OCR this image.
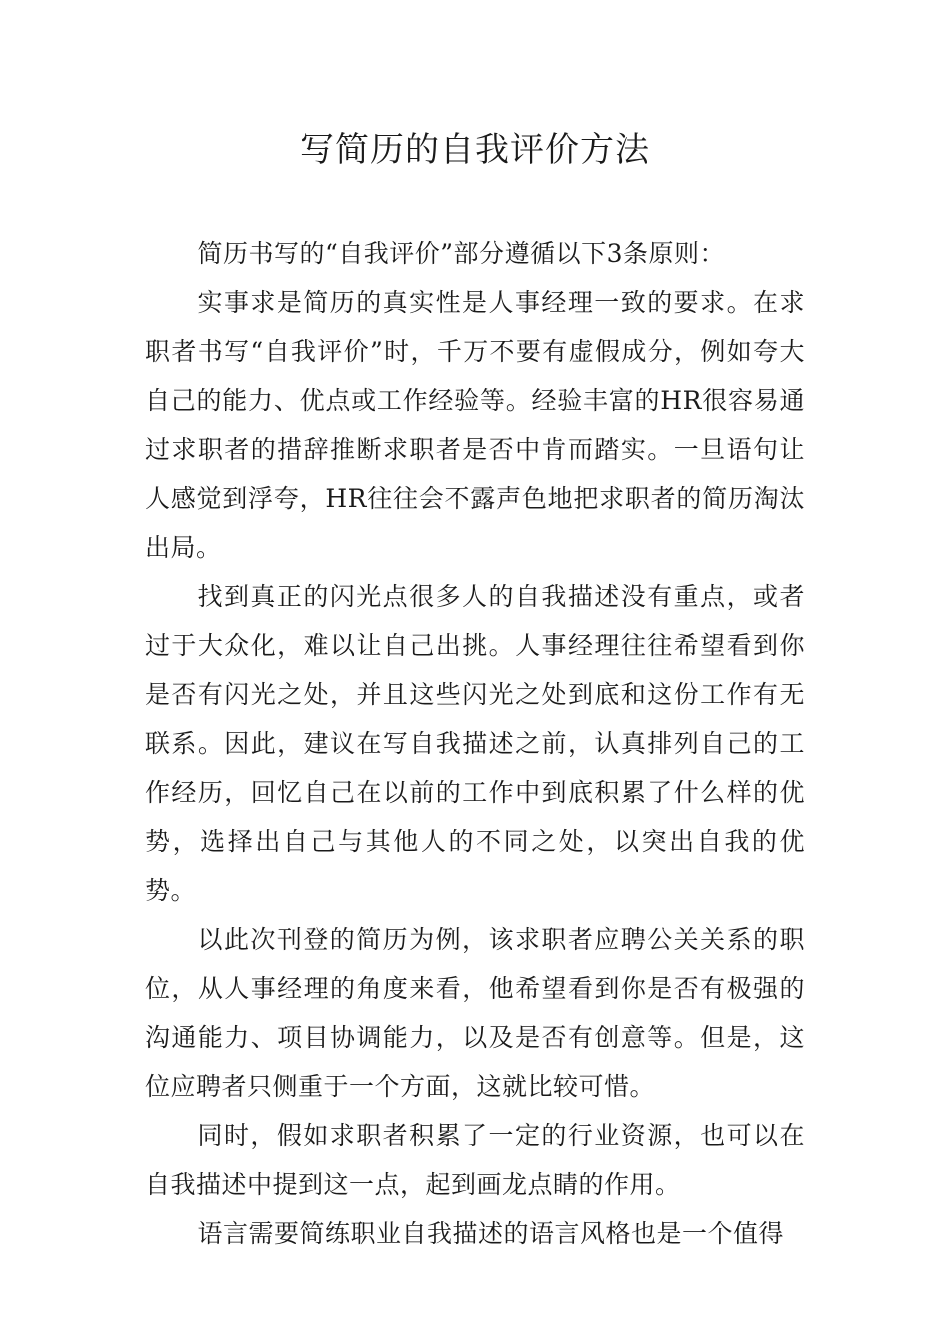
写简历的自我评价方法

简历书写的“自我评价”部分遵循以下3条原则：

实事求是简历的真实性是人事经理一致的要求。在求职者书写“自我评价”时，千万不要有虚假成分，例如夸大自己的能力、优点或工作经验等。经验丰富的HR很容易通过求职者的措辞推断求职者是否中肯而踏实。一旦语句让人感觉到浮夸，HR往往会不露声色地把求职者的简历淘汰出局。

找到真正的闪光点很多人的自我描述没有重点，或者过于大众化，难以让自己出挑。人事经理往往希望看到你是否有闪光之处，并且这些闪光之处到底和这份工作有无联系。因此，建议在写自我描述之前，认真排列自己的工作经历，回忆自己在以前的工作中到底积累了什么样的优势，选择出自己与其他人的不同之处，以突出自我的优势。

以此次刊登的简历为例，该求职者应聘公关关系的职位，从人事经理的角度来看，他希望看到你是否有极强的沟通能力、项目协调能力，以及是否有创意等。但是，这位应聘者只侧重于一个方面，这就比较可惜。

同时，假如求职者积累了一定的行业资源，也可以在自我描述中提到这一点，起到画龙点睛的作用。

语言需要简练职业自我描述的语言风格也是一个值得
